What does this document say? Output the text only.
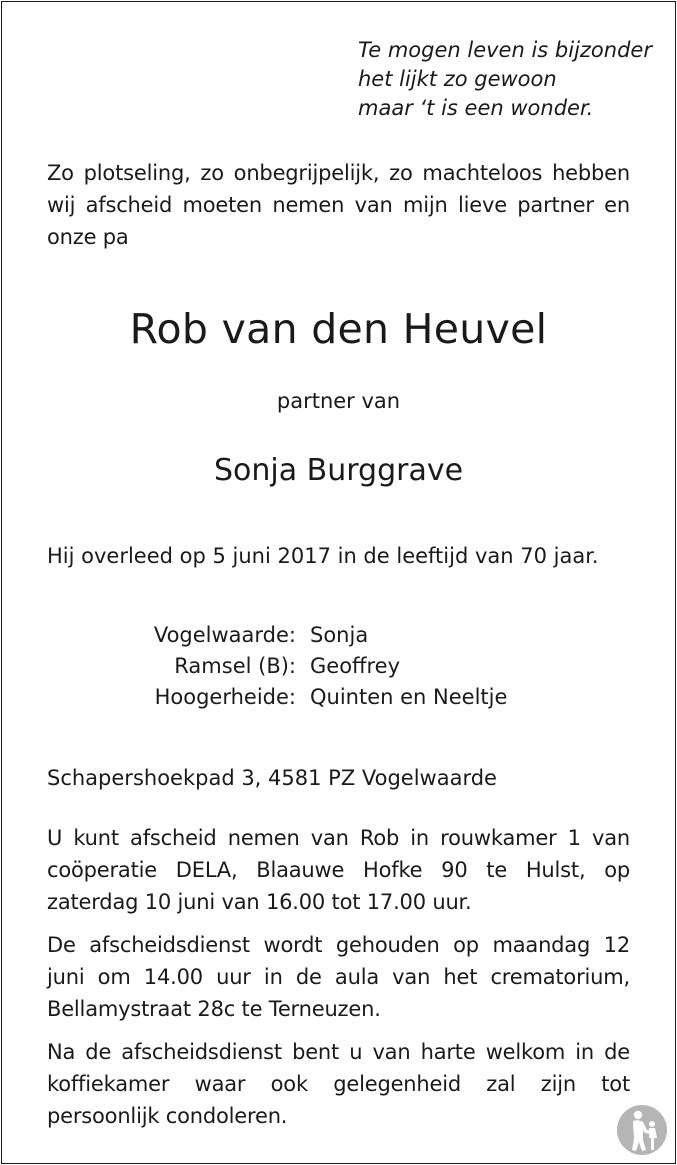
Te mogen leven is bijzonder
het lijkt zo gewoon
maar ‘t is een wonder.
Zo plotseling, zo onbegrijpelijk, zo machteloos hebben wij afscheid moeten nemen van mijn lieve partner en onze pa
Rob van den Heuvel
partner van
Sonja Burggrave
Hij overleed op 5 juni 2017 in de leeftijd van 70 jaar.
Vogelwaarde: Sonja
Ramsel (B): Geoffrey
Hoogerheide: Quinten en Neeltje
Schapershoekpad 3, 4581 PZ Vogelwaarde
U kunt afscheid nemen van Rob in rouwkamer 1 van coöperatie DELA, Blaauwe Hofke 90 te Hulst, op zaterdag 10 juni van 16.00 tot 17.00 uur.
De afscheidsdienst wordt gehouden op maandag 12 juni om 14.00 uur in de aula van het crematorium, Bellamystraat 28c te Terneuzen.
Na de afscheidsdienst bent u van harte welkom in de koffiekamer waar ook gelegenheid zal zijn tot persoonlijk condoleren.
